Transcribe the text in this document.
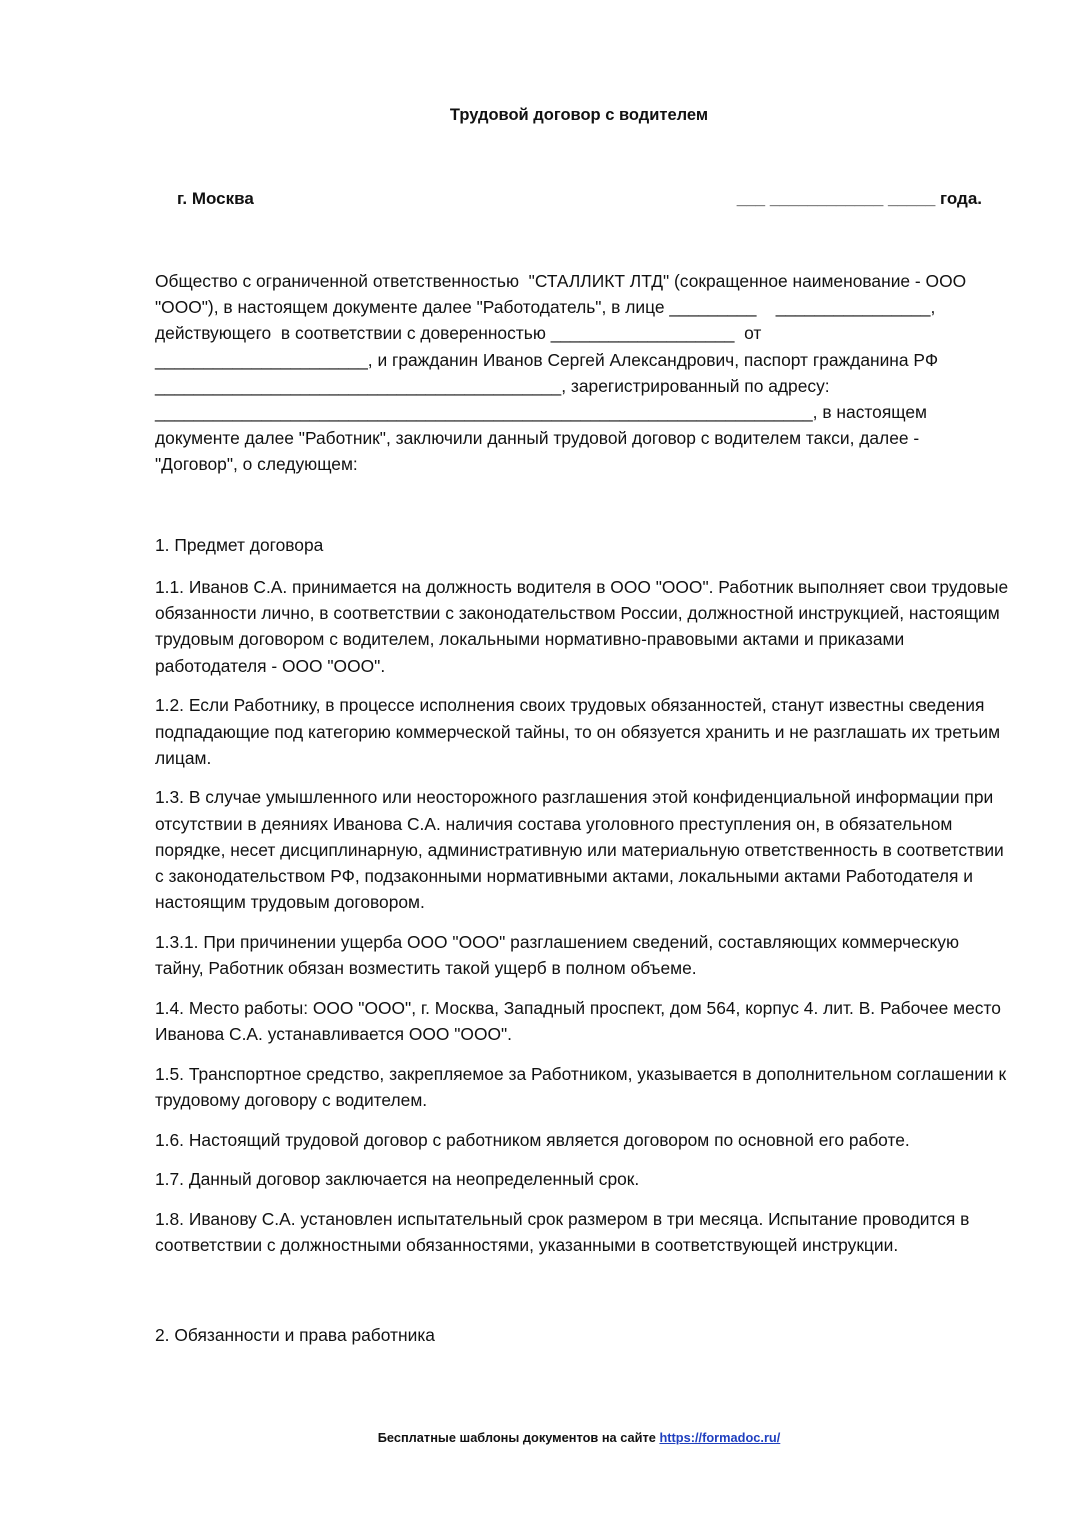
Трудовой договор с водителем
г. Москва	___ ____________ _____ года.
Общество с ограниченной ответственностью  "СТАЛЛИКТ ЛТД" (сокращенное наименование - ООО
"ООО"), в настоящем документе далее "Работодатель", в лице _________    ________________,
действующего  в соответствии с доверенностью ___________________  от
______________________, и гражданин Иванов Сергей Александрович, паспорт гражданина РФ
__________________________________________, зарегистрированный по адресу:
____________________________________________________________________, в настоящем
документе далее "Работник", заключили данный трудовой договор с водителем такси, далее -
"Договор", о следующем:
1. Предмет договора

1.1. Иванов С.А. принимается на должность водителя в ООО "ООО". Работник выполняет свои трудовые обязанности лично, в соответствии с законодательством России, должностной инструкцией, настоящим трудовым договором с водителем, локальными нормативно-правовыми актами и приказами работодателя - ООО "ООО".

1.2. Если Работнику, в процессе исполнения своих трудовых обязанностей, станут известны сведения подпадающие под категорию коммерческой тайны, то он обязуется хранить и не разглашать их третьим лицам.

1.3. В случае умышленного или неосторожного разглашения этой конфиденциальной информации при отсутствии в деяниях Иванова С.А. наличия состава уголовного преступления он, в обязательном порядке, несет дисциплинарную, административную или материальную ответственность в соответствии с законодательством РФ, подзаконными нормативными актами, локальными актами Работодателя и настоящим трудовым договором.

1.3.1. При причинении ущерба ООО "ООО" разглашением сведений, составляющих коммерческую тайну, Работник обязан возместить такой ущерб в полном объеме.

1.4. Место работы: ООО "ООО", г. Москва, Западный проспект, дом 564, корпус 4. лит. В. Рабочее место Иванова С.А. устанавливается ООО "ООО".

1.5. Транспортное средство, закрепляемое за Работником, указывается в дополнительном соглашении к трудовому договору с водителем.

1.6. Настоящий трудовой договор с работником является договором по основной его работе.

1.7. Данный договор заключается на неопределенный срок.

1.8. Иванову С.А. установлен испытательный срок размером в три месяца. Испытание проводится в соответствии с должностными обязанностями, указанными в соответствующей инструкции.

2. Обязанности и права работника
Бесплатные шаблоны документов на сайте https://formadoc.ru/
